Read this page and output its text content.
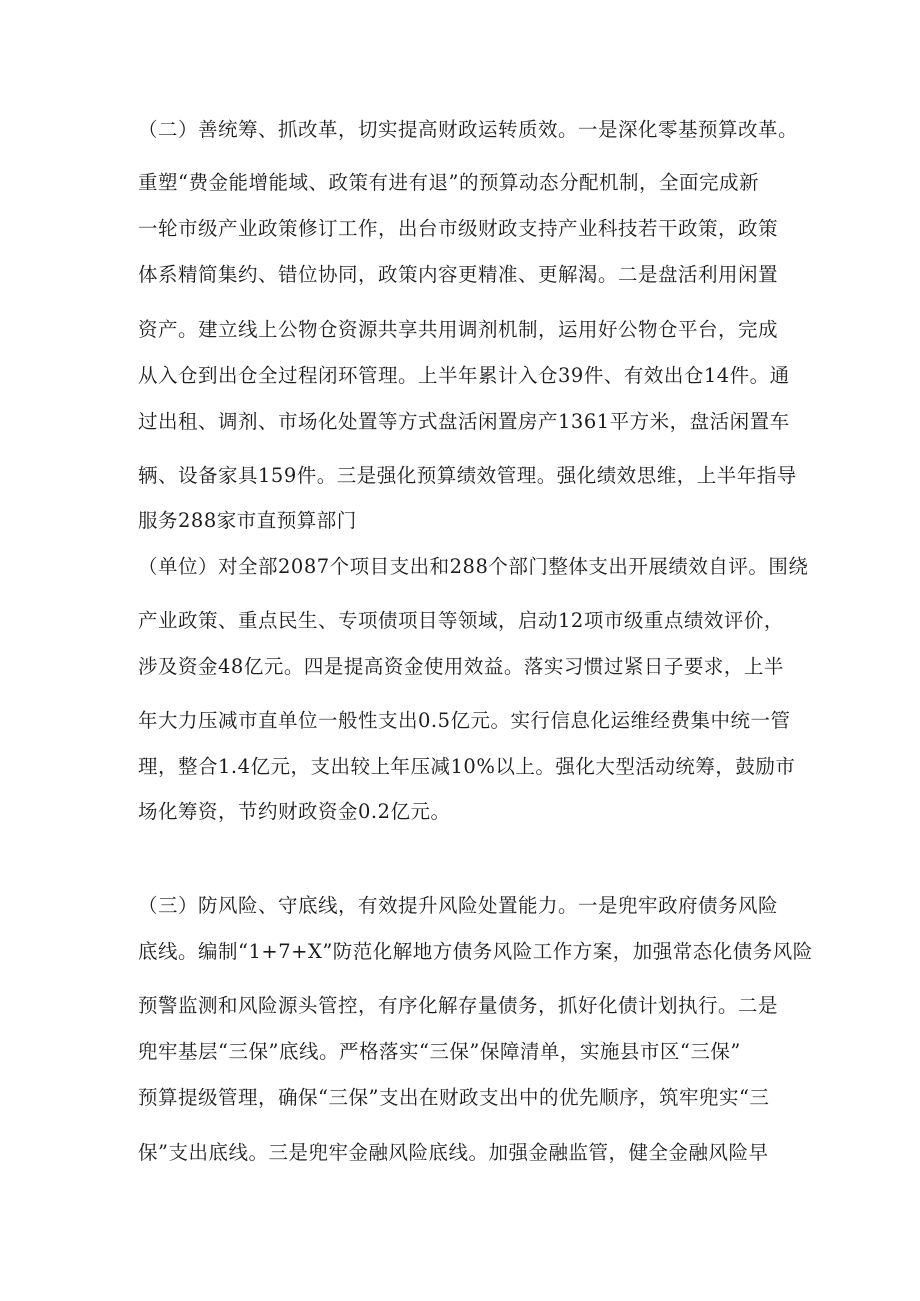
（二）善统筹、抓改革，切实提高财政运转质效。一是深化零基预算改革。

重塑“费金能增能域、政策有进有退”的预算动态分配机制，全面完成新

一轮市级产业政策修订工作，出台市级财政支持产业科技若干政策，政策

体系精简集约、错位协同，政策内容更精准、更解渴。二是盘活利用闲置

资产。建立线上公物仓资源共享共用调剂机制，运用好公物仓平台，完成

从入仓到出仓全过程闭环管理。上半年累计入仓39件、有效出仓14件。通

过出租、调剂、市场化处置等方式盘活闲置房产1361平方米，盘活闲置车

辆、设备家具159件。三是强化预算绩效管理。强化绩效思维，上半年指导

服务288家市直预算部门

（单位）对全部2087个项目支出和288个部门整体支出开展绩效自评。围绕

产业政策、重点民生、专项债项目等领域，启动12项市级重点绩效评价，

涉及资金48亿元。四是提高资金使用效益。落实习惯过紧日子要求，上半

年大力压减市直单位一般性支出0.5亿元。实行信息化运维经费集中统一管

理，整合1.4亿元，支出较上年压减10%以上。强化大型活动统筹，鼓励市

场化筹资，节约财政资金0.2亿元。

（三）防风险、守底线，有效提升风险处置能力。一是兜牢政府债务风险

底线。编制“1+7+X”防范化解地方债务风险工作方案，加强常态化债务风险

预警监测和风险源头管控，有序化解存量债务，抓好化债计划执行。二是

兜牢基层“三保”底线。严格落实“三保”保障清单，实施县市区“三保”

预算提级管理，确保“三保”支出在财政支出中的优先顺序，筑牢兜实“三

保”支出底线。三是兜牢金融风险底线。加强金融监管，健全金融风险早
